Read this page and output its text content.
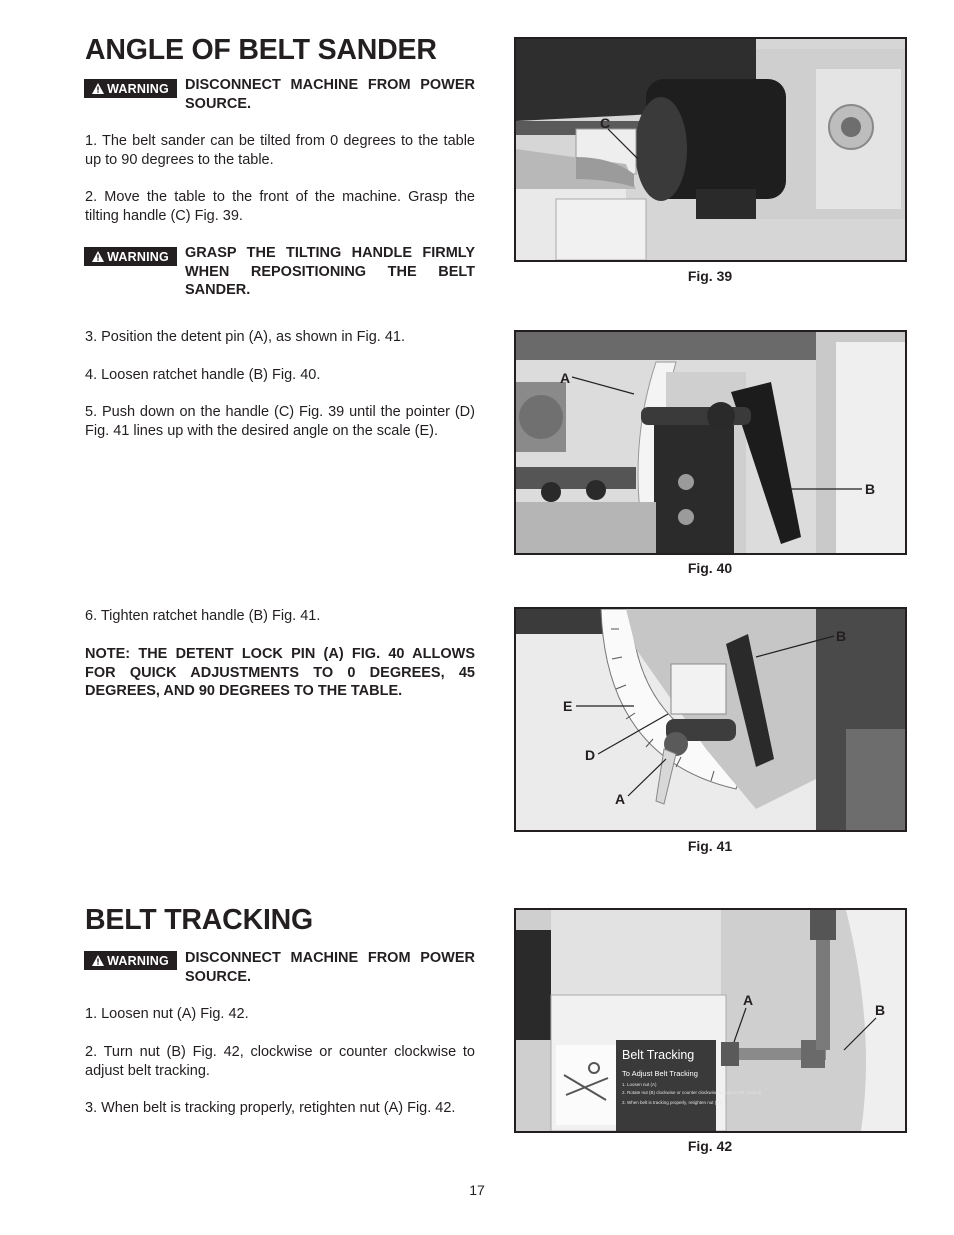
ANGLE OF BELT SANDER
WARNING DISCONNECT MACHINE FROM POWER SOURCE.
1. The belt sander can be tilted from 0 degrees to the table up to 90 degrees to the table.
2. Move the table to the front of the machine. Grasp the tilting handle (C) Fig. 39.
WARNING GRASP THE TILTING HANDLE FIRMLY WHEN REPOSITIONING THE BELT SANDER.
3. Position the detent pin (A), as shown in Fig. 41.
4. Loosen ratchet handle (B) Fig. 40.
5. Push down on the handle (C) Fig. 39 until the pointer (D) Fig. 41 lines up with the desired angle on the scale (E).
6. Tighten ratchet handle (B) Fig. 41.
NOTE: THE DETENT LOCK PIN (A) FIG. 40 ALLOWS FOR QUICK ADJUSTMENTS TO 0 DEGREES, 45 DEGREES, AND 90 DEGREES TO THE TABLE.
BELT TRACKING
WARNING DISCONNECT MACHINE FROM POWER SOURCE.
1. Loosen nut (A) Fig. 42.
2. Turn nut (B) Fig. 42, clockwise or counter clockwise to adjust belt tracking.
3. When belt is tracking properly, retighten nut (A) Fig. 42.
C
Fig. 39
A
B
Fig. 40
B
E
D
A
Fig. 41
Belt Tracking
To Adjust Belt Tracking
1. Loosen nut (A)
2. Rotate nut (B) clockwise or counter clockwise to adjust belt tracking
3. When belt is tracking properly, retighten nut (A)
A
B
Fig. 42
17
